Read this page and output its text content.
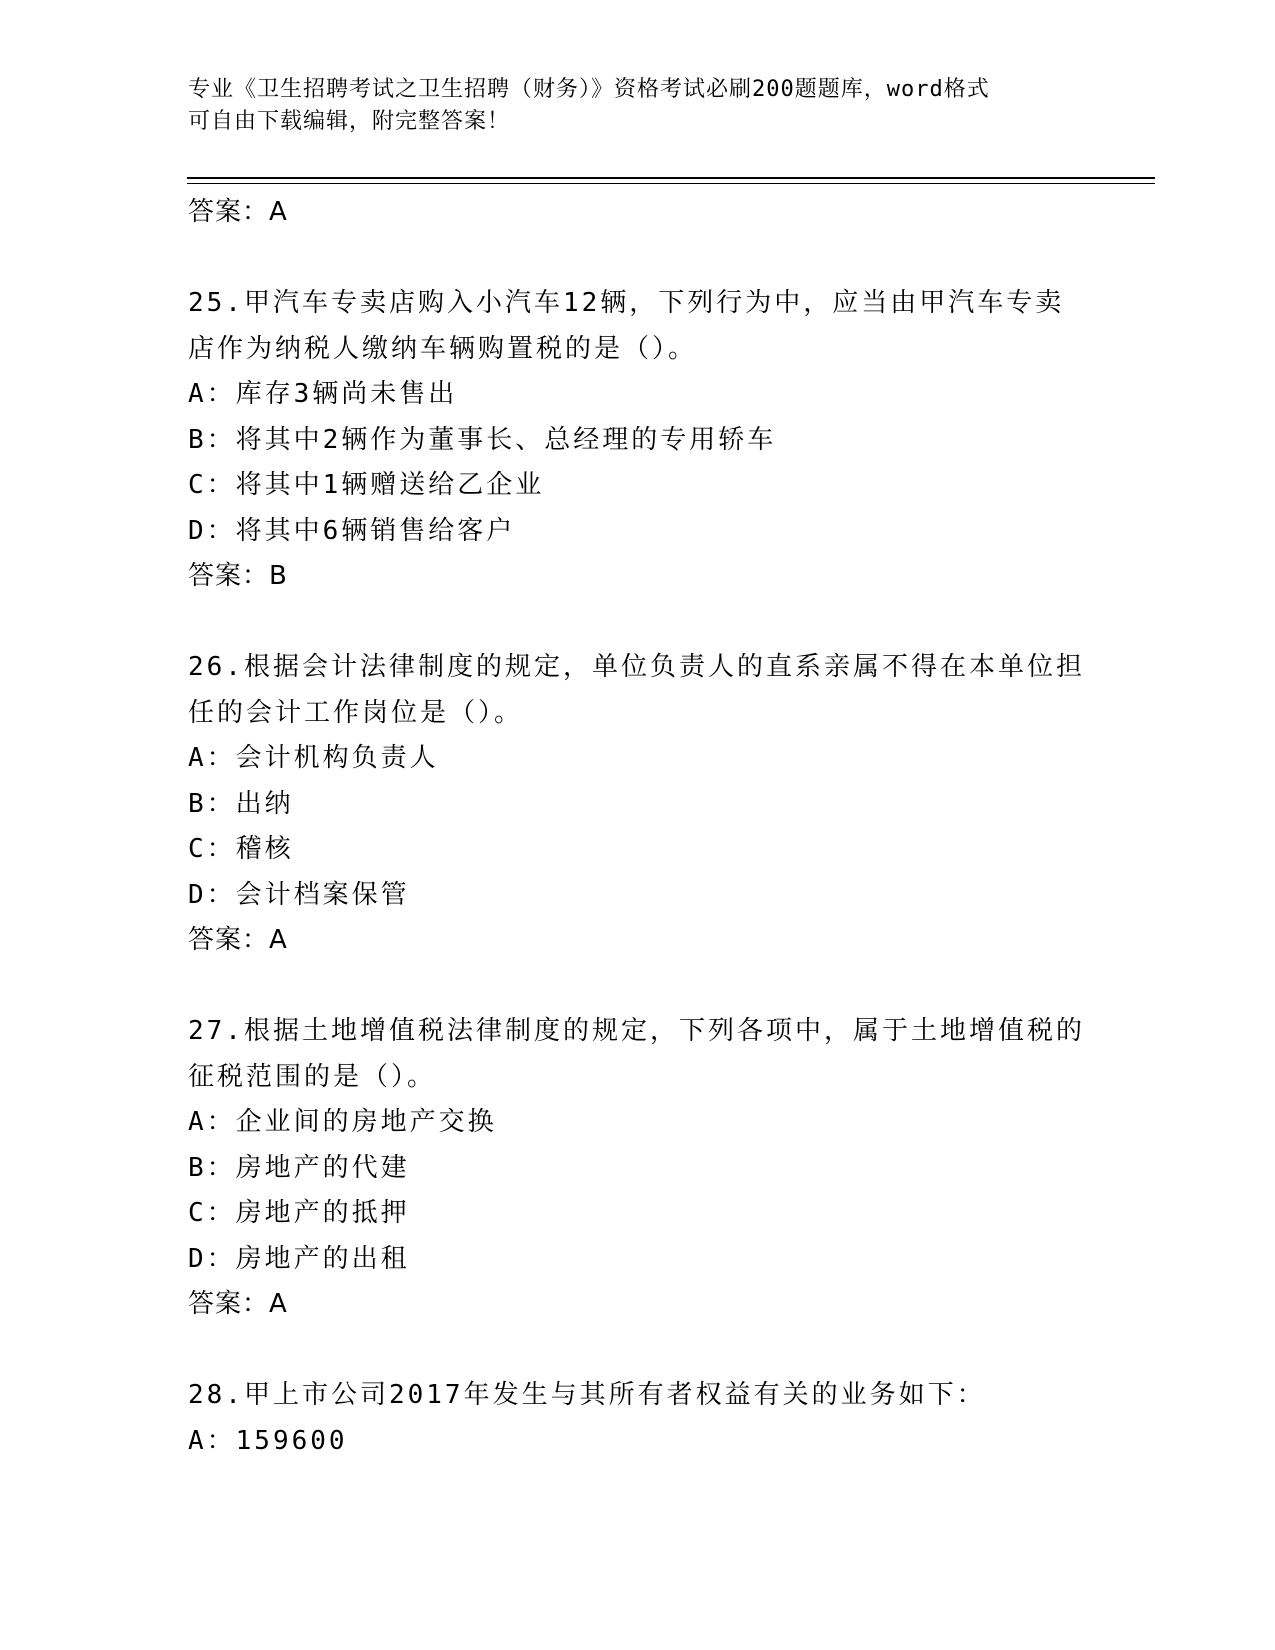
专业《卫生招聘考试之卫生招聘（财务）》资格考试必刷200题题库，word格式
可自由下载编辑，附完整答案！
答案：A
25.甲汽车专卖店购入小汽车12辆，下列行为中，应当由甲汽车专卖
店作为纳税人缴纳车辆购置税的是（）。
A：库存3辆尚未售出
B：将其中2辆作为董事长、总经理的专用轿车
C：将其中1辆赠送给乙企业
D：将其中6辆销售给客户
答案：B
26.根据会计法律制度的规定，单位负责人的直系亲属不得在本单位担
任的会计工作岗位是（）。
A：会计机构负责人
B：出纳
C：稽核
D：会计档案保管
答案：A
27.根据土地增值税法律制度的规定，下列各项中，属于土地增值税的
征税范围的是（）。
A：企业间的房地产交换
B：房地产的代建
C：房地产的抵押
D：房地产的出租
答案：A
28.甲上市公司2017年发生与其所有者权益有关的业务如下：
A：159600
